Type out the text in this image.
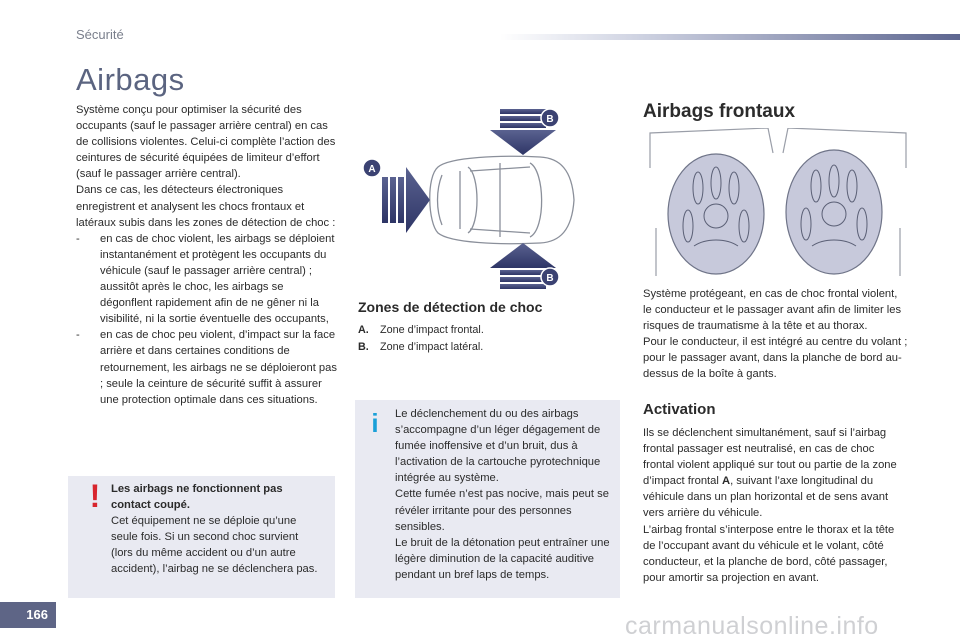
Sécurité
Airbags

Système conçu pour optimiser la sécurité des occupants (sauf le passager arrière central) en cas de collisions violentes. Celui-ci complète l’action des ceintures de sécurité équipées de limiteur d’effort (sauf le passager arrière central).

Dans ce cas, les détecteurs électroniques enregistrent et analysent les chocs frontaux et latéraux subis dans les zones de détection de choc :

- en cas de choc violent, les airbags se déploient instantanément et protègent les occupants du véhicule (sauf le passager arrière central) ; aussitôt après le choc, les airbags se dégonflent rapidement afin de ne gêner ni la visibilité, ni la sortie éventuelle des occupants,
- en cas de choc peu violent, d’impact sur la face arrière et dans certaines conditions de retournement, les airbags ne se déploieront pas ; seule la ceinture de sécurité suffit à assurer une protection optimale dans ces situations.
! Les airbags ne fonctionnent pas contact coupé.
Cet équipement ne se déploie qu’une seule fois. Si un second choc survient (lors du même accident ou d’un autre accident), l’airbag ne se déclenchera pas.
A
B
B
Zones de détection de choc
A. Zone d’impact frontal.
B. Zone d’impact latéral.
i	Le déclenchement du ou des airbags s’accompagne d’un léger dégagement de fumée inoffensive et d’un bruit, dus à l’activation de la cartouche pyrotechnique intégrée au système.

Cette fumée n’est pas nocive, mais peut se révéler irritante pour des personnes sensibles.

Le bruit de la détonation peut entraîner une légère diminution de la capacité auditive pendant un bref laps de temps.

Airbags frontaux

Système protégeant, en cas de choc frontal violent, le conducteur et le passager avant afin de limiter les risques de traumatisme à la tête et au thorax.

Pour le conducteur, il est intégré au centre du volant ; pour le passager avant, dans la planche de bord au-dessus de la boîte à gants.

Activation

Ils se déclenchent simultanément, sauf si l’airbag frontal passager est neutralisé, en cas de choc frontal violent appliqué sur tout ou partie de la zone d’impact frontal A, suivant l’axe longitudinal du véhicule dans un plan horizontal et de sens avant vers arrière du véhicule.

L’airbag frontal s’interpose entre le thorax et la tête de l’occupant avant du véhicule et le volant, côté conducteur, et la planche de bord, côté passager, pour amortir sa projection en avant.

166	carmanualsonline.info
